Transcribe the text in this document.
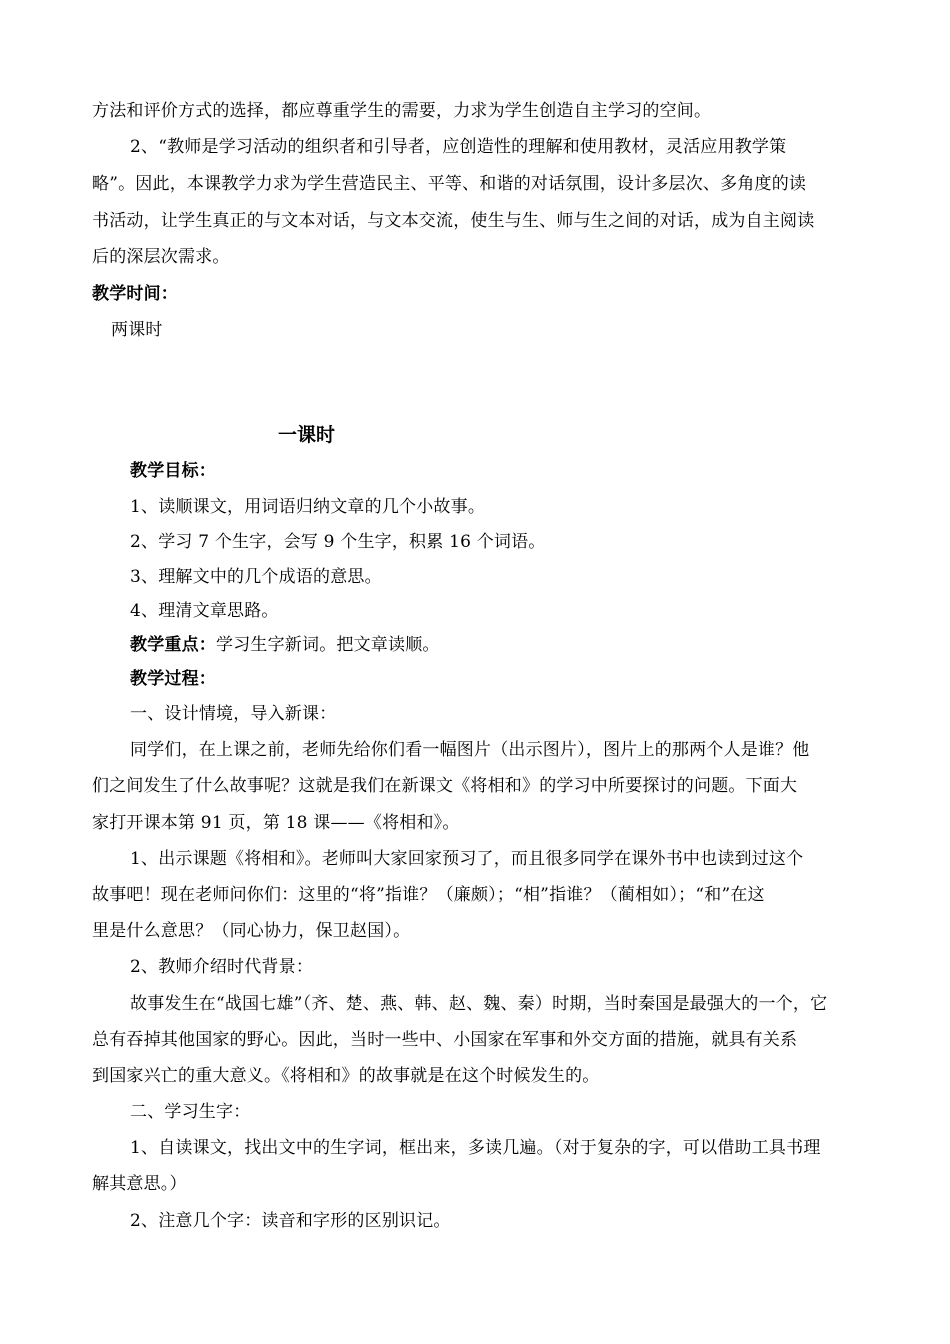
方法和评价方式的选择，都应尊重学生的需要，力求为学生创造自主学习的空间。
2、“教师是学习活动的组织者和引导者，应创造性的理解和使用教材，灵活应用教学策
略”。因此，本课教学力求为学生营造民主、平等、和谐的对话氛围，设计多层次、多角度的读
书活动，让学生真正的与文本对话，与文本交流，使生与生、师与生之间的对话，成为自主阅读
后的深层次需求。
教学时间：
两课时
一课时
教学目标：
1、读顺课文，用词语归纳文章的几个小故事。
2、学习 7 个生字，会写 9 个生字，积累 16 个词语。
3、理解文中的几个成语的意思。
4、理清文章思路。
教学重点：学习生字新词。把文章读顺。
教学过程：
一、设计情境，导入新课：
同学们，在上课之前，老师先给你们看一幅图片（出示图片），图片上的那两个人是谁？他
们之间发生了什么故事呢？这就是我们在新课文《将相和》的学习中所要探讨的问题。下面大
家打开课本第 91 页，第 18 课——《将相和》。
1、出示课题《将相和》。老师叫大家回家预习了，而且很多同学在课外书中也读到过这个
故事吧！现在老师问你们：这里的“将”指谁？（廉颇）；“相”指谁？（蔺相如）；“和”在这
里是什么意思？（同心协力，保卫赵国）。
2、教师介绍时代背景：
故事发生在“战国七雄”（齐、楚、燕、韩、赵、魏、秦）时期，当时秦国是最强大的一个，它
总有吞掉其他国家的野心。因此，当时一些中、小国家在军事和外交方面的措施，就具有关系
到国家兴亡的重大意义。《将相和》的故事就是在这个时候发生的。
二、学习生字：
1、自读课文，找出文中的生字词，框出来，多读几遍。（对于复杂的字，可以借助工具书理
解其意思。）
2、注意几个字：读音和字形的区别识记。
